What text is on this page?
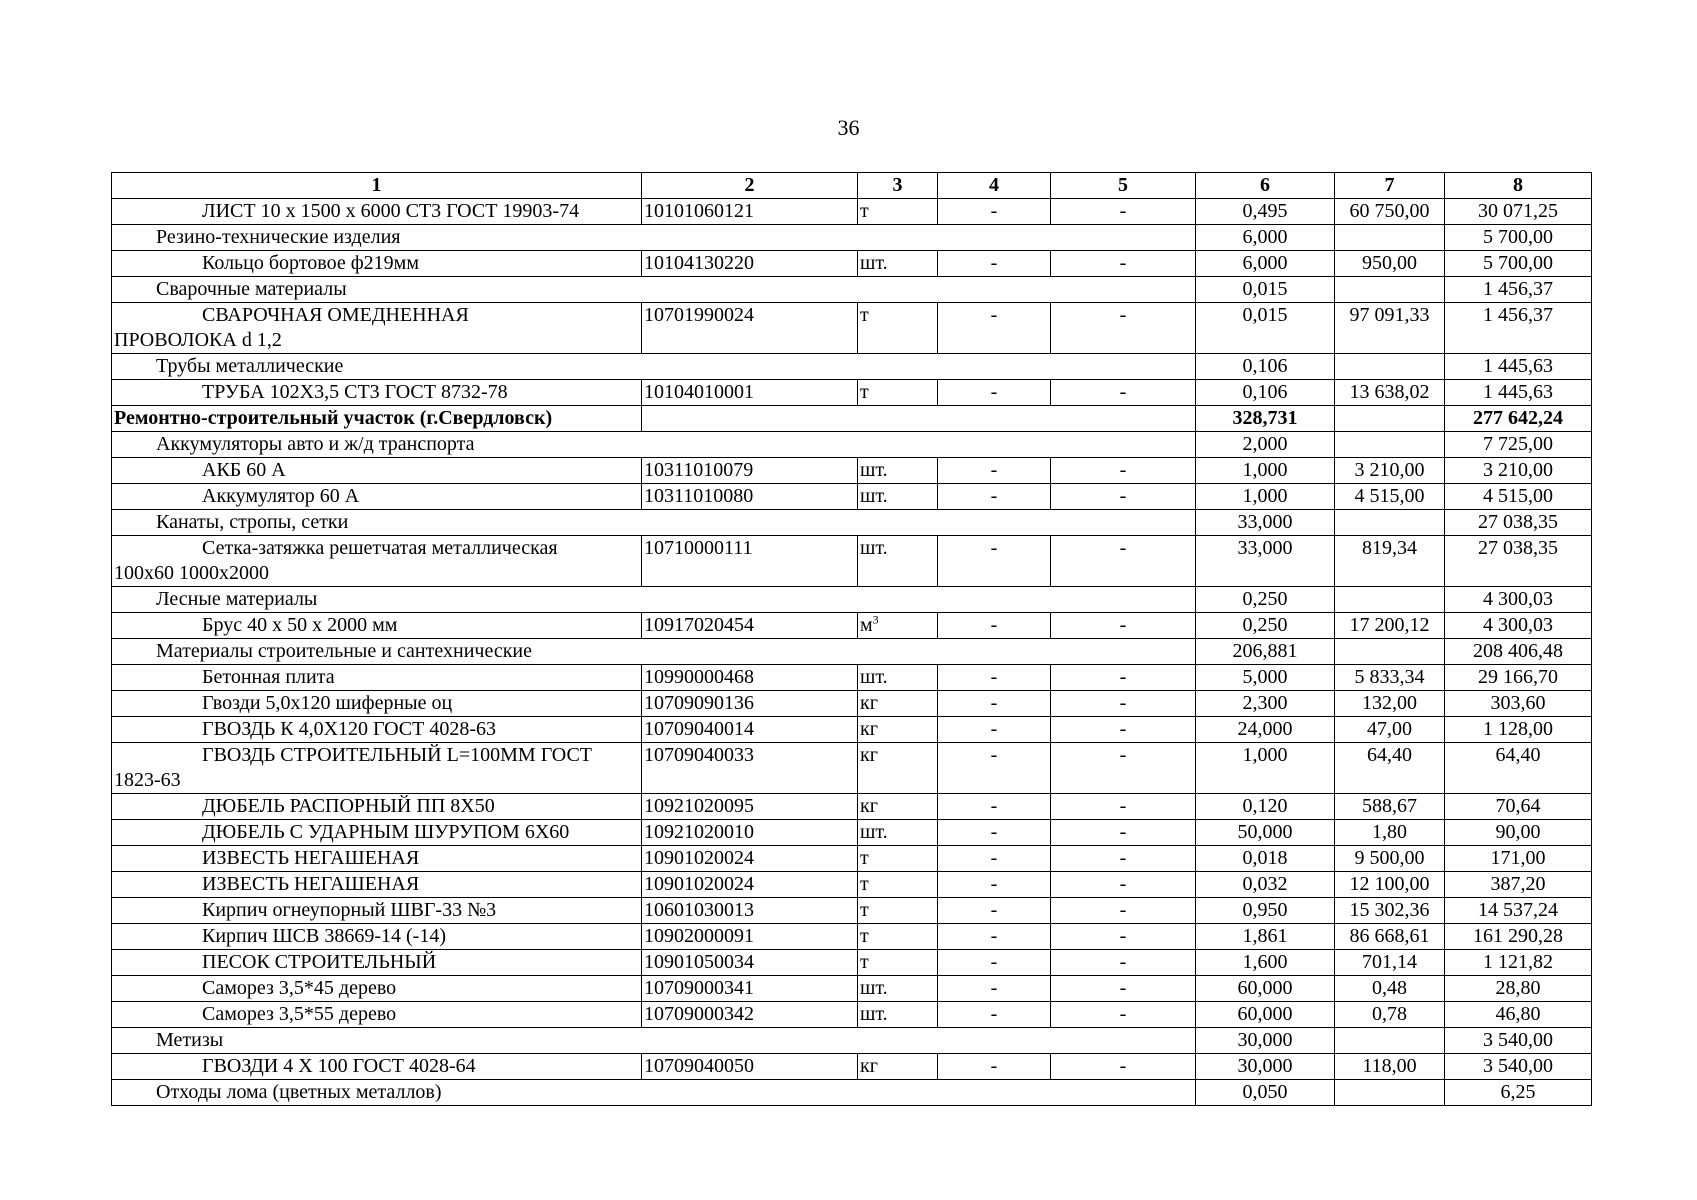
36
1	2	3	4	5	6	7	8
ЛИСТ 10 х 1500 х 6000 СТ3 ГОСТ 19903-74	10101060121	т	-	-	0,495	60 750,00	30 071,25
Резино-технические изделия					6,000		5 700,00
Кольцо бортовое ф219мм	10104130220	шт.	-	-	6,000	950,00	5 700,00
Сварочные материалы					0,015		1 456,37

СВАРОЧНАЯ ОМЕДНЕННАЯ
ПРОВОЛОКА d 1,2	10701990024	т	-	-	0,015	97 091,33	1 456,37
Трубы металлические					0,106		1 445,63
ТРУБА 102Х3,5 СТ3 ГОСТ 8732-78	10104010001	т	-	-	0,106	13 638,02	1 445,63
Ремонтно-строительный участок (г.Свердловск)					328,731		277 642,24
Аккумуляторы авто и ж/д транспорта					2,000		7 725,00
АКБ 60 А	10311010079	шт.	-	-	1,000	3 210,00	3 210,00
Аккумулятор 60 А	10311010080	шт.	-	-	1,000	4 515,00	4 515,00
Канаты, стропы, сетки					33,000		27 038,35

Сетка-затяжка решетчатая металлическая
100х60 1000х2000	10710000111	шт.	-	-	33,000	819,34	27 038,35
Лесные материалы					0,250		4 300,03
Брус 40 х 50 х 2000 мм	10917020454	$м^3$	-	-	0,250	17 200,12	4 300,03
Материалы строительные и сантехнические					206,881		208 406,48
Бетонная плита	10990000468	шт.	-	-	5,000	5 833,34	29 166,70
Гвозди 5,0х120 шиферные оц	10709090136	кг	-	-	2,300	132,00	303,60
ГВОЗДЬ К 4,0Х120 ГОСТ 4028-63	10709040014	кг	-	-	24,000	47,00	1 128,00

ГВОЗДЬ СТРОИТЕЛЬНЫЙ L=100ММ ГОСТ
1823-63	10709040033	кг	-	-	1,000	64,40	64,40
ДЮБЕЛЬ РАСПОРНЫЙ ПП 8Х50	10921020095	кг	-	-	0,120	588,67	70,64
ДЮБЕЛЬ С УДАРНЫМ ШУРУПОМ 6Х60	10921020010	шт.	-	-	50,000	1,80	90,00
ИЗВЕСТЬ НЕГАШЕНАЯ	10901020024	т	-	-	0,018	9 500,00	171,00
ИЗВЕСТЬ НЕГАШЕНАЯ	10901020024	т	-	-	0,032	12 100,00	387,20
Кирпич огнеупорный ШВГ-33 №3	10601030013	т	-	-	0,950	15 302,36	14 537,24
Кирпич ШСВ 38669-14 (-14)	10902000091	т	-	-	1,861	86 668,61	161 290,28
ПЕСОК СТРОИТЕЛЬНЫЙ	10901050034	т	-	-	1,600	701,14	1 121,82
Саморез 3,5*45 дерево	10709000341	шт.	-	-	60,000	0,48	28,80
Саморез 3,5*55 дерево	10709000342	шт.	-	-	60,000	0,78	46,80
Метизы					30,000		3 540,00
ГВОЗДИ 4 Х 100 ГОСТ 4028-64	10709040050	кг	-	-	30,000	118,00	3 540,00
Отходы лома (цветных металлов)					0,050		6,25
